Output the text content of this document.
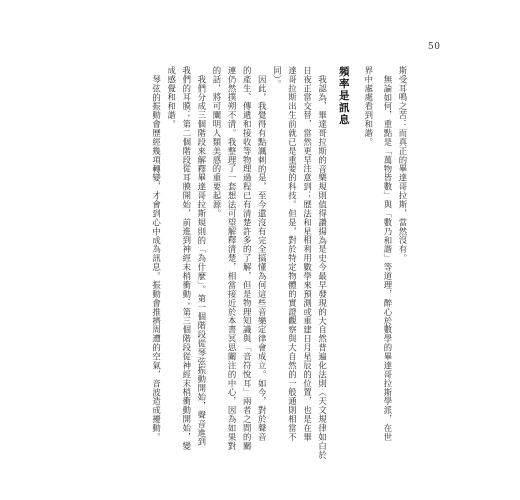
50
斯受耳鳴之苦：而真正的畢達哥拉斯，當然沒有。
無論如何，重點是「萬物皆數」與「數乃和諧」等道理，醉心於數學的畢達哥拉斯學派，在世
界中處處看到和諧。
頻率是訊息
我認為，畢達哥拉斯的音樂規則值得讚揚為是史今最早發現的大自然普遍化法則（天文規律如白於
日夜正當交替，當然更早注意到；歷法和星相利用數學來預測或重建日月星辰的位置，也是在畢
達哥拉斯出生前就已是重要的科技。但是，對於特定物體的實證觀察與大自然的一般通則相當不
同）。
因此，我覺得有點諷刺的是，至今還沒有完全搞懂為何這些音樂定律會成立。如今，對於聲音
的產生、傳遞和接收等物理過程已有清楚許多的了解，但是物理知識與「音符悅耳」兩者之間的關
連仍然撲朔不清。我整理了一套想法可望解釋清楚，相當接近於本書冥思關注的中心，因為如果對
的話，將可闡明人類美感的重要起源。
我們分成三個階段來解釋畢達哥拉斯規則的「為什麼」。第一個階段從琴弦振動開始，聲音進到
我們的耳膜；第二個階段從耳膜開始，前進到神經末梢衝動；第三個階段從神經末梢衝動開始，變
成感覺和和諧。
琴弦的振動會歷經幾項轉變，才會到心中成為訊息。振動會推擠周遭的空氣，音波造成擾動。
